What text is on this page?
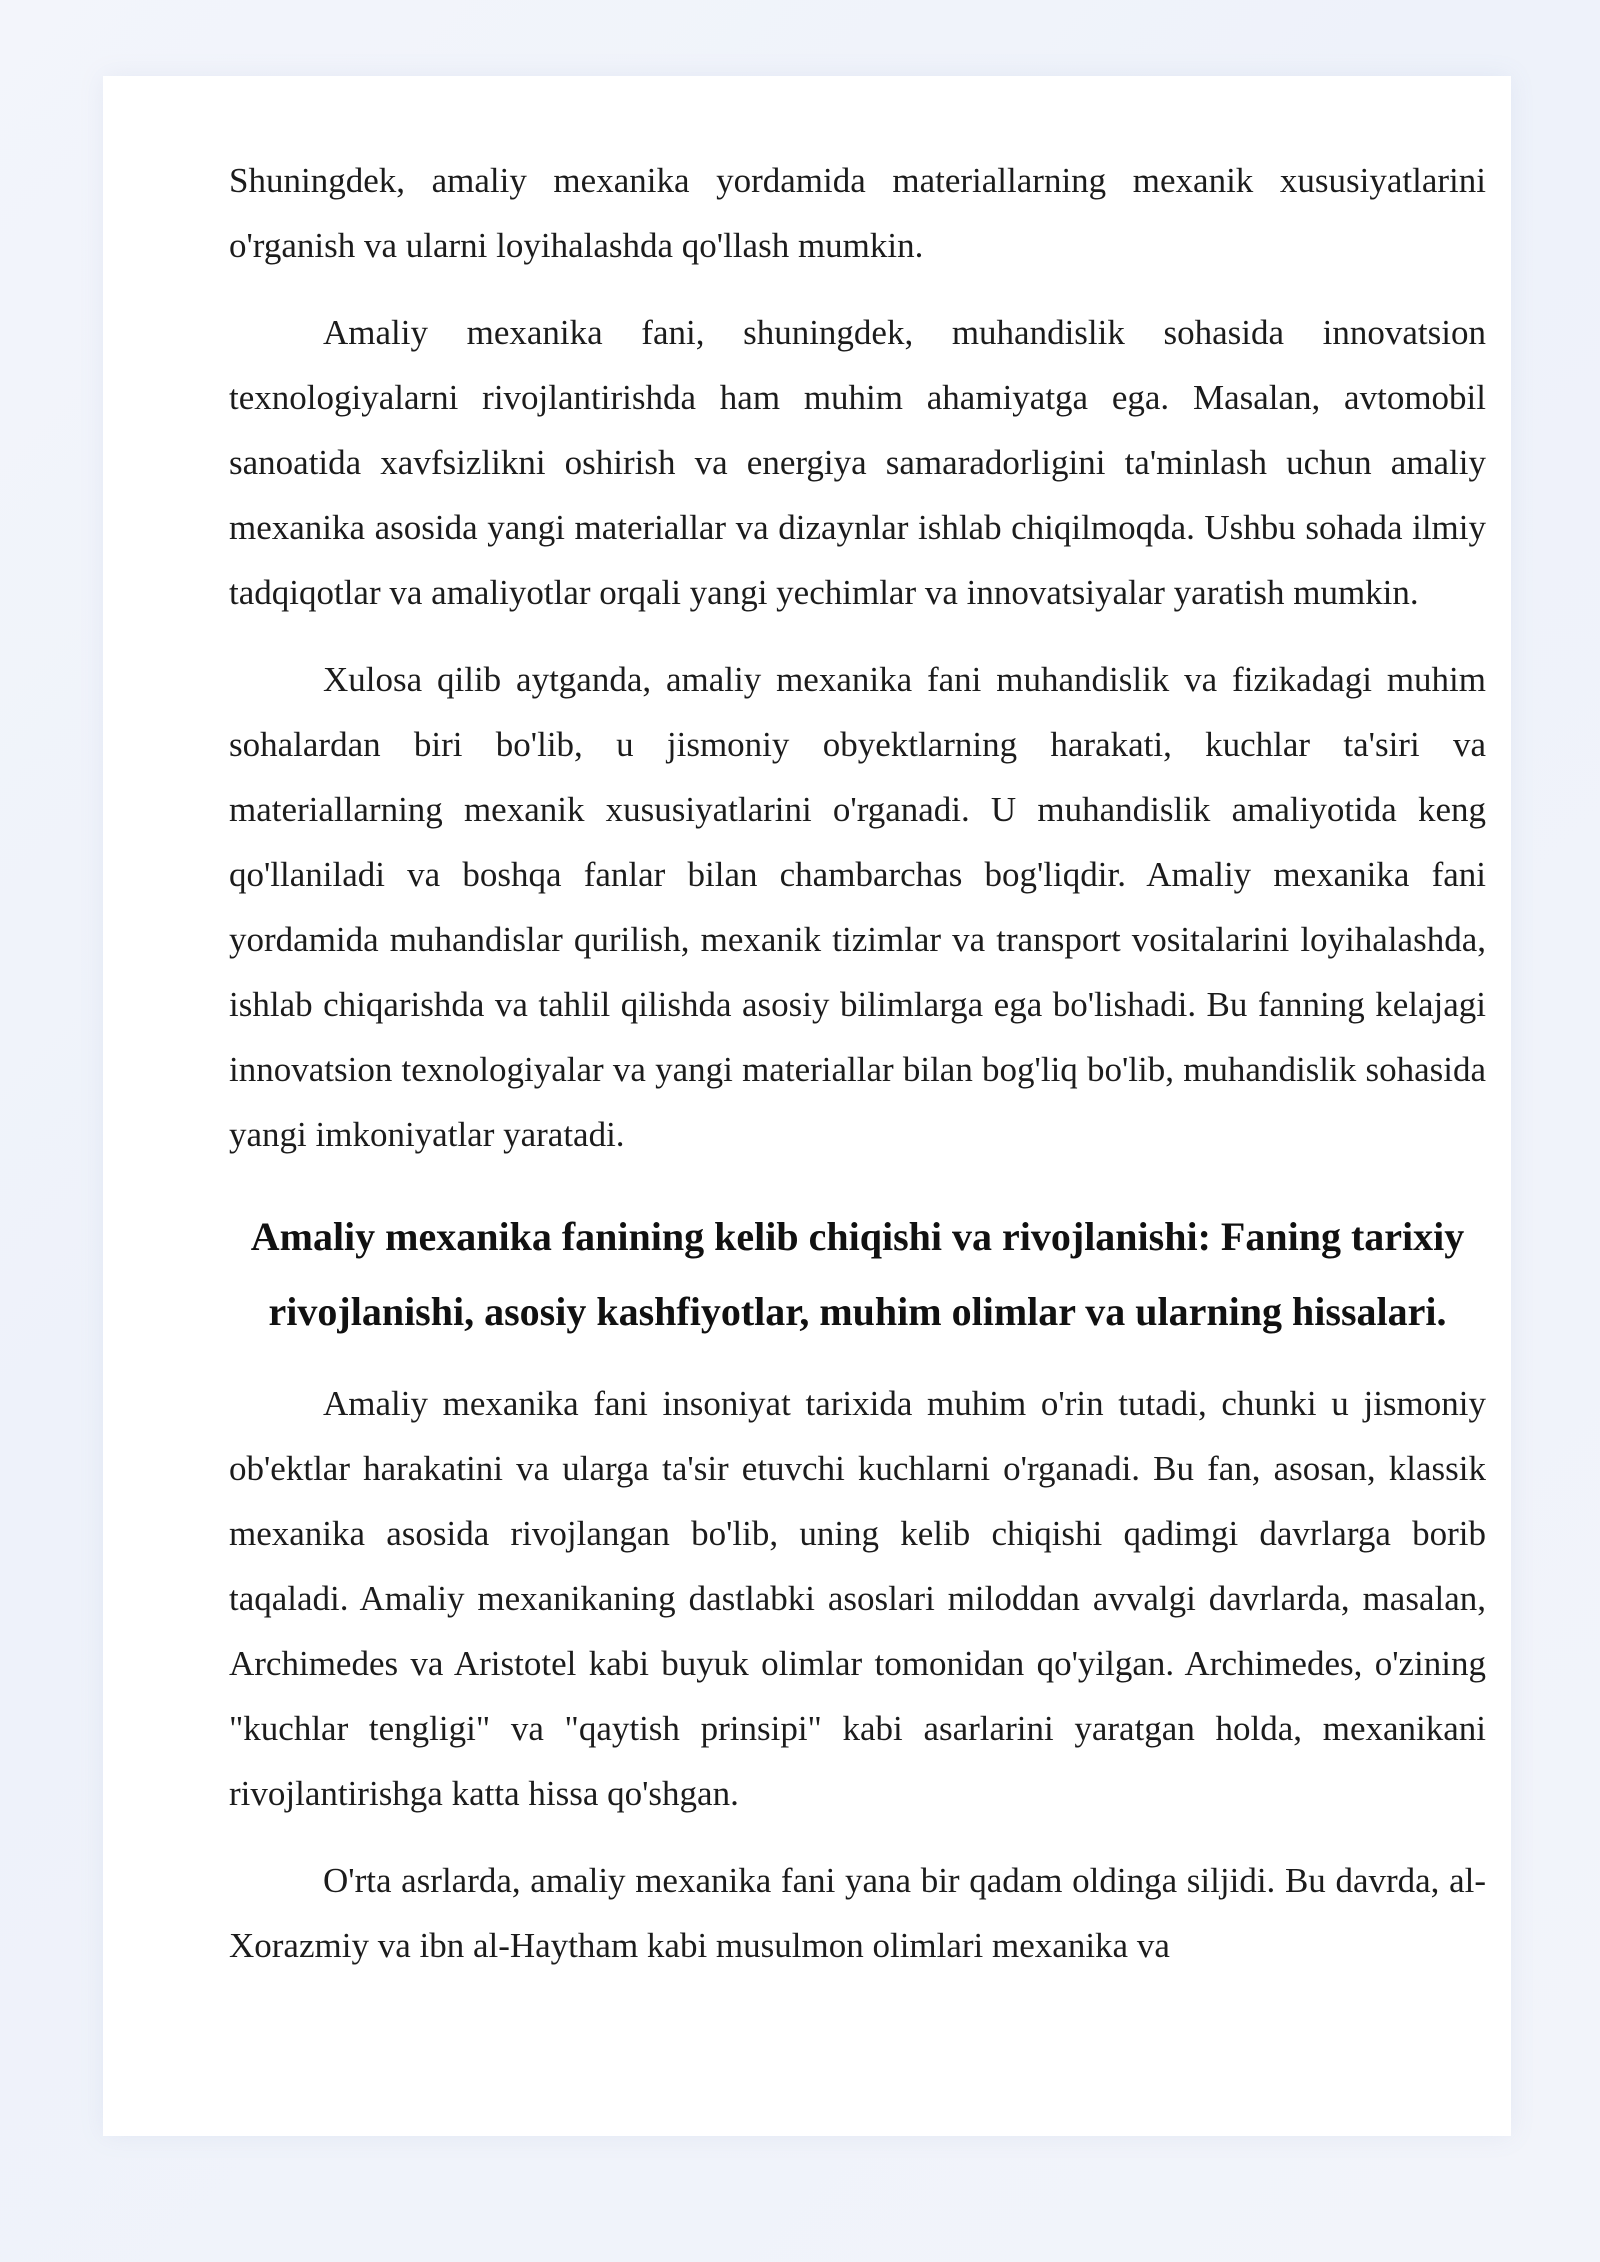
Shuningdek, amaliy mexanika yordamida materiallarning mexanik xususiyatlarini o'rganish va ularni loyihalashda qo'llash mumkin.

Amaliy mexanika fani, shuningdek, muhandislik sohasida innovatsion texnologiyalarni rivojlantirishda ham muhim ahamiyatga ega. Masalan, avtomobil sanoatida xavfsizlikni oshirish va energiya samaradorligini ta'minlash uchun amaliy mexanika asosida yangi materiallar va dizaynlar ishlab chiqilmoqda. Ushbu sohada ilmiy tadqiqotlar va amaliyotlar orqali yangi yechimlar va innovatsiyalar yaratish mumkin.

Xulosa qilib aytganda, amaliy mexanika fani muhandislik va fizikadagi muhim sohalardan biri bo'lib, u jismoniy obyektlarning harakati, kuchlar ta'siri va materiallarning mexanik xususiyatlarini o'rganadi. U muhandislik amaliyotida keng qo'llaniladi va boshqa fanlar bilan chambarchas bog'liqdir. Amaliy mexanika fani yordamida muhandislar qurilish, mexanik tizimlar va transport vositalarini loyihalashda, ishlab chiqarishda va tahlil qilishda asosiy bilimlarga ega bo'lishadi. Bu fanning kelajagi innovatsion texnologiyalar va yangi materiallar bilan bog'liq bo'lib, muhandislik sohasida yangi imkoniyatlar yaratadi.

Amaliy mexanika fanining kelib chiqishi va rivojlanishi: Faning tarixiy rivojlanishi, asosiy kashfiyotlar, muhim olimlar va ularning hissalari.

Amaliy mexanika fani insoniyat tarixida muhim o'rin tutadi, chunki u jismoniy ob'ektlar harakatini va ularga ta'sir etuvchi kuchlarni o'rganadi. Bu fan, asosan, klassik mexanika asosida rivojlangan bo'lib, uning kelib chiqishi qadimgi davrlarga borib taqaladi. Amaliy mexanikaning dastlabki asoslari miloddan avvalgi davrlarda, masalan, Archimedes va Aristotel kabi buyuk olimlar tomonidan qo'yilgan. Archimedes, o'zining "kuchlar tengligi" va "qaytish prinsipi" kabi asarlarini yaratgan holda, mexanikani rivojlantirishga katta hissa qo'shgan.

O'rta asrlarda, amaliy mexanika fani yana bir qadam oldinga siljidi. Bu davrda, al-Xorazmiy va ibn al-Haytham kabi musulmon olimlari mexanika va
